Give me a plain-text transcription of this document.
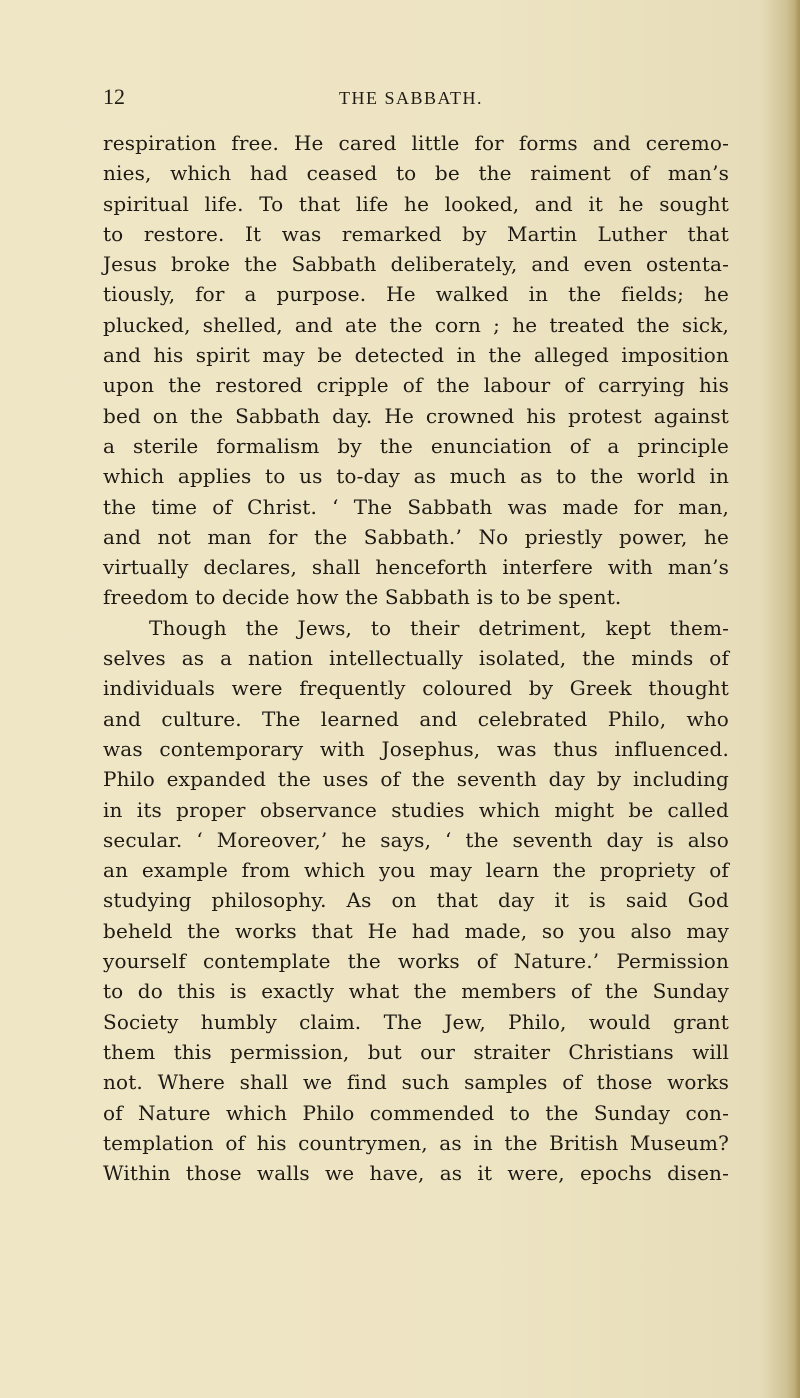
12	THE SABBATH.
respiration free. He cared little for forms and ceremo-
nies, which had ceased to be the raiment of man’s
spiritual life. To that life he looked, and it he sought
to restore. It was remarked by Martin Luther that
Jesus broke the Sabbath deliberately, and even ostenta-
tiously, for a purpose. He walked in the fields; he
plucked, shelled, and ate the corn ; he treated the sick,
and his spirit may be detected in the alleged imposition
upon the restored cripple of the labour of carrying his
bed on the Sabbath day. He crowned his protest against
a sterile formalism by the enunciation of a principle
which applies to us to-day as much as to the world in
the time of Christ. ‘ The Sabbath was made for man,
and not man for the Sabbath.’ No priestly power, he
virtually declares, shall henceforth interfere with man’s
freedom to decide how the Sabbath is to be spent.
Though the Jews, to their detriment, kept them-
selves as a nation intellectually isolated, the minds of
individuals were frequently coloured by Greek thought
and culture. The learned and celebrated Philo, who
was contemporary with Josephus, was thus influenced.
Philo expanded the uses of the seventh day by including
in its proper observance studies which might be called
secular. ‘ Moreover,’ he says, ‘ the seventh day is also
an example from which you may learn the propriety of
studying philosophy. As on that day it is said God
beheld the works that He had made, so you also may
yourself contemplate the works of Nature.’ Permission
to do this is exactly what the members of the Sunday
Society humbly claim. The Jew, Philo, would grant
them this permission, but our straiter Christians will
not. Where shall we find such samples of those works
of Nature which Philo commended to the Sunday con-
templation of his countrymen, as in the British Museum?
Within those walls we have, as it were, epochs disen-
